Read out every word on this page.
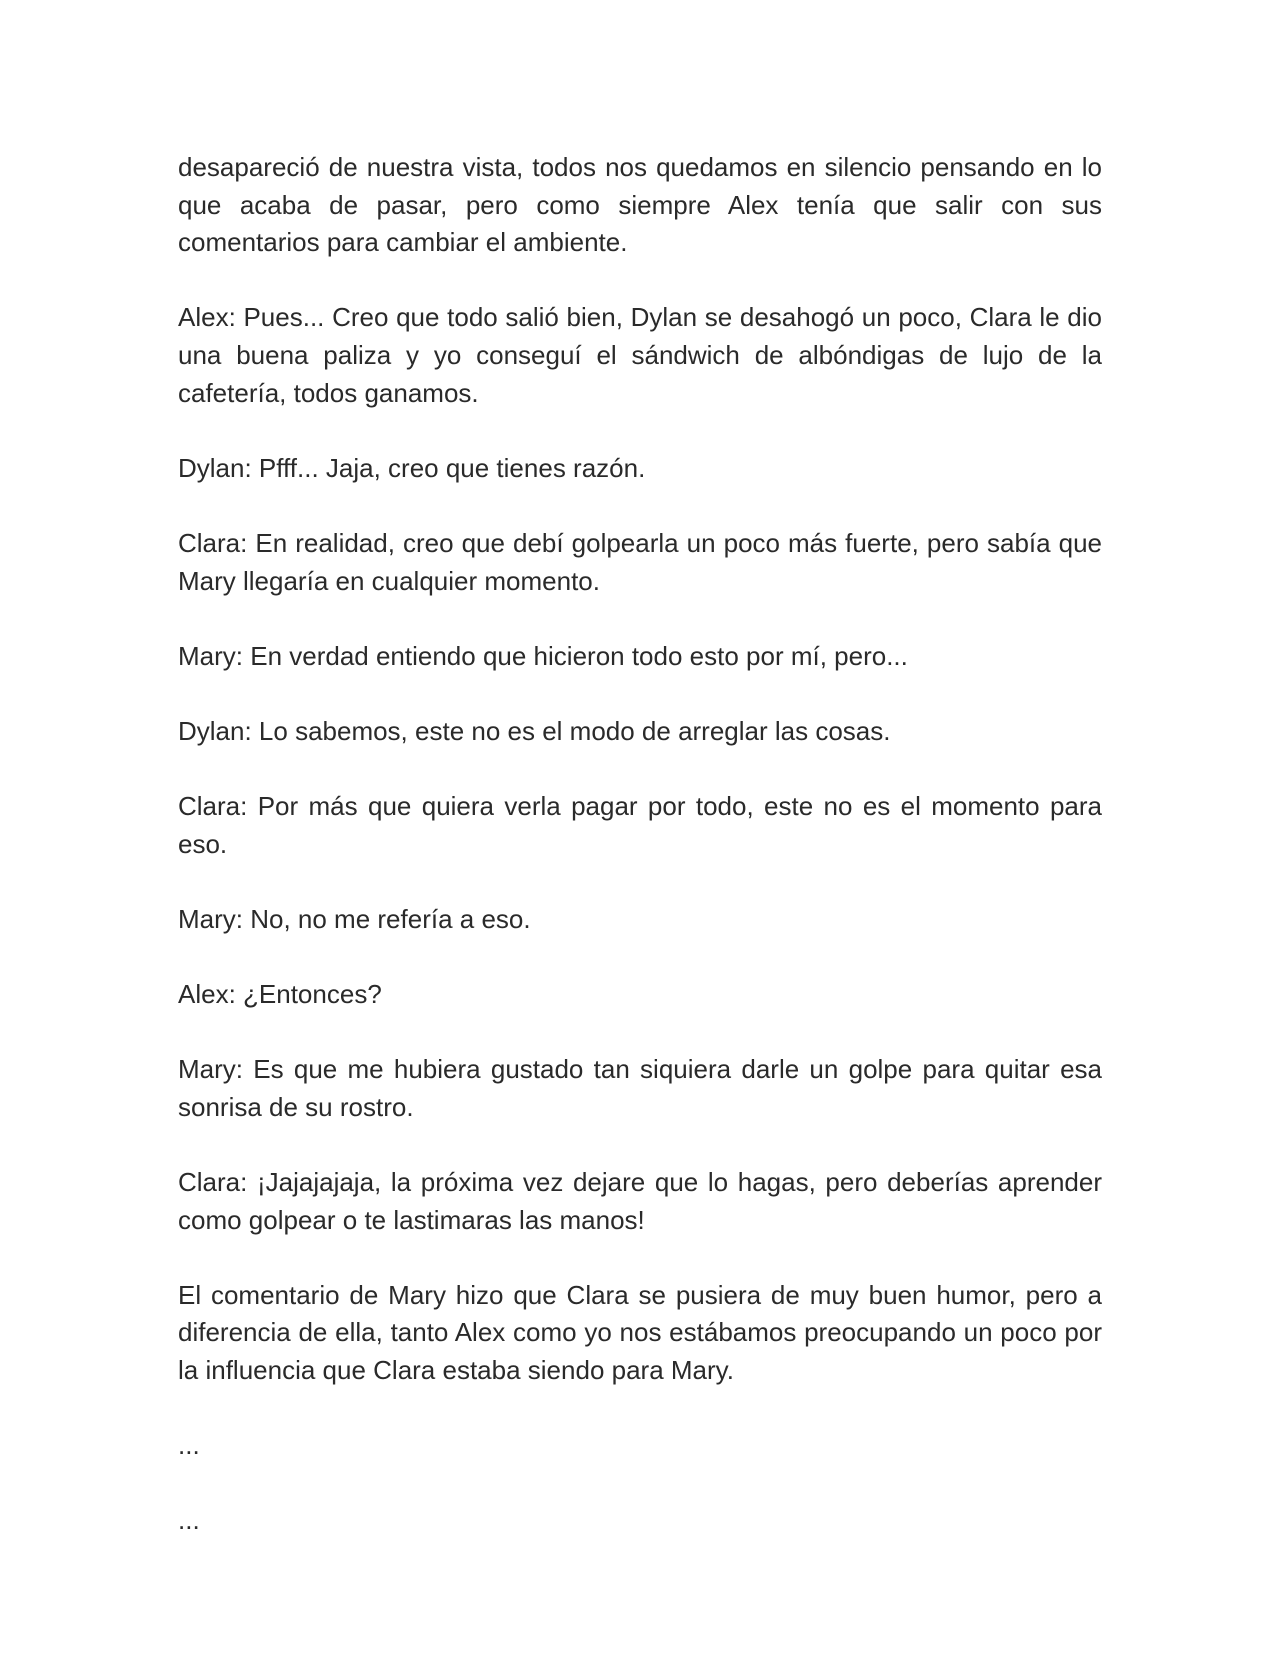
desapareció de nuestra vista, todos nos quedamos en silencio pensando en lo que acaba de pasar, pero como siempre Alex tenía que salir con sus comentarios para cambiar el ambiente.

Alex: Pues... Creo que todo salió bien, Dylan se desahogó un poco, Clara le dio una buena paliza y yo conseguí el sándwich de albóndigas de lujo de la cafetería, todos ganamos.

Dylan: Pfff... Jaja, creo que tienes razón.

Clara: En realidad, creo que debí golpearla un poco más fuerte, pero sabía que Mary llegaría en cualquier momento.

Mary: En verdad entiendo que hicieron todo esto por mí, pero...

Dylan: Lo sabemos, este no es el modo de arreglar las cosas.

Clara: Por más que quiera verla pagar por todo, este no es el momento para eso.

Mary: No, no me refería a eso.

Alex: ¿Entonces?

Mary: Es que me hubiera gustado tan siquiera darle un golpe para quitar esa sonrisa de su rostro.

Clara: ¡Jajajajaja, la próxima vez dejare que lo hagas, pero deberías aprender como golpear o te lastimaras las manos!

El comentario de Mary hizo que Clara se pusiera de muy buen humor, pero a diferencia de ella, tanto Alex como yo nos estábamos preocupando un poco por la influencia que Clara estaba siendo para Mary.

...

...
